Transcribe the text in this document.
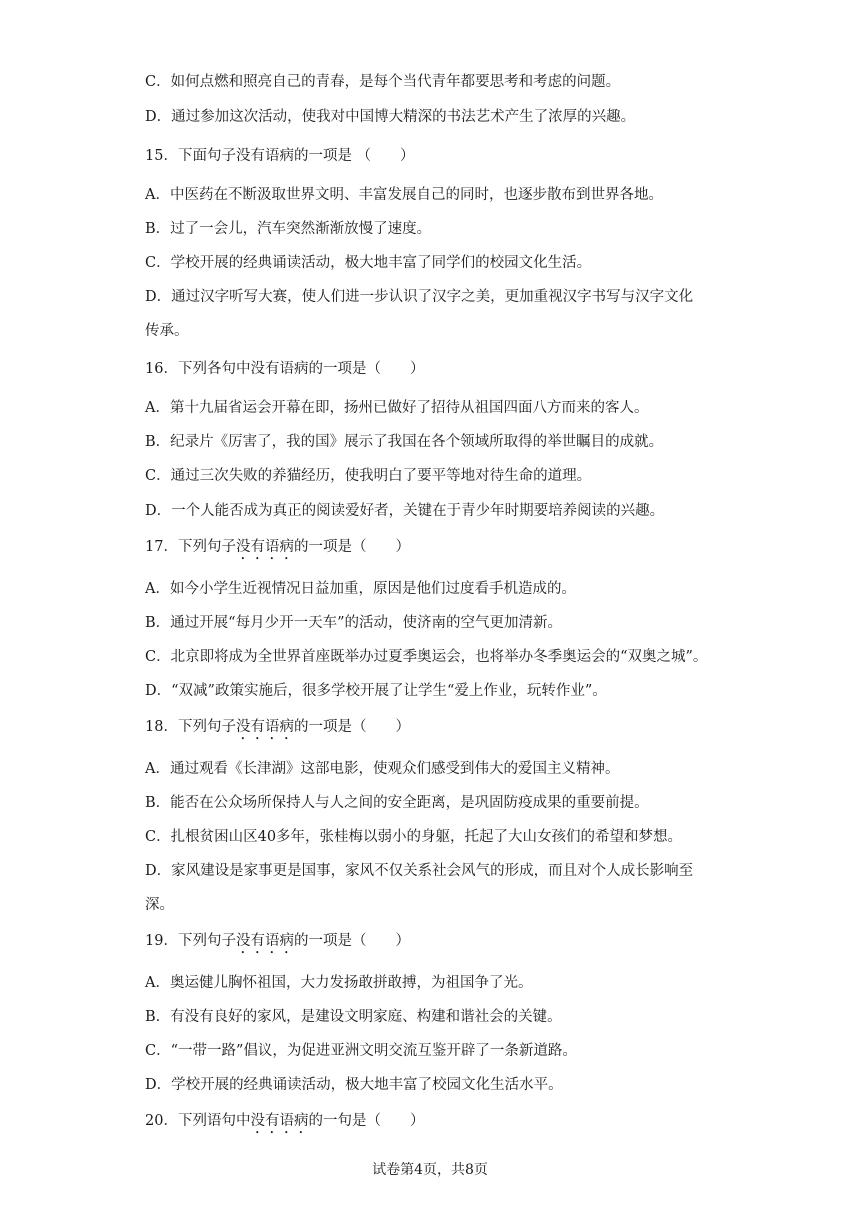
C．如何点燃和照亮自己的青春，是每个当代青年都要思考和考虑的问题。
D．通过参加这次活动，使我对中国博大精深的书法艺术产生了浓厚的兴趣。
15．下面句子没有语病的一项是 （　　）
A．中医药在不断汲取世界文明、丰富发展自己的同时，也逐步散布到世界各地。
B．过了一会儿，汽车突然渐渐放慢了速度。
C．学校开展的经典诵读活动，极大地丰富了同学们的校园文化生活。
D．通过汉字听写大赛，使人们进一步认识了汉字之美，更加重视汉字书写与汉字文化
传承。
16．下列各句中没有语病的一项是（　　）
A．第十九届省运会开幕在即，扬州已做好了招待从祖国四面八方而来的客人。
B．纪录片《厉害了，我的国》展示了我国在各个领域所取得的举世瞩目的成就。
C．通过三次失败的养猫经历，使我明白了要平等地对待生命的道理。
D．一个人能否成为真正的阅读爱好者，关键在于青少年时期要培养阅读的兴趣。
17．下列句子没有语病的一项是（　　）
A．如今小学生近视情况日益加重，原因是他们过度看手机造成的。
B．通过开展“每月少开一天车”的活动，使济南的空气更加清新。
C．北京即将成为全世界首座既举办过夏季奥运会，也将举办冬季奥运会的“双奥之城”。
D．“双减”政策实施后，很多学校开展了让学生“爱上作业，玩转作业”。
18．下列句子没有语病的一项是（　　）
A．通过观看《长津湖》这部电影，使观众们感受到伟大的爱国主义精神。
B．能否在公众场所保持人与人之间的安全距离，是巩固防疫成果的重要前提。
C．扎根贫困山区40多年，张桂梅以弱小的身躯，托起了大山女孩们的希望和梦想。
D．家风建设是家事更是国事，家风不仅关系社会风气的形成，而且对个人成长影响至
深。
19．下列句子没有语病的一项是（　　）
A．奥运健儿胸怀祖国，大力发扬敢拼敢搏，为祖国争了光。
B．有没有良好的家风，是建设文明家庭、构建和谐社会的关键。
C．“一带一路”倡议，为促进亚洲文明交流互鉴开辟了一条新道路。
D．学校开展的经典诵读活动，极大地丰富了校园文化生活水平。
20．下列语句中没有语病的一句是（　　）
试卷第4页，共8页
